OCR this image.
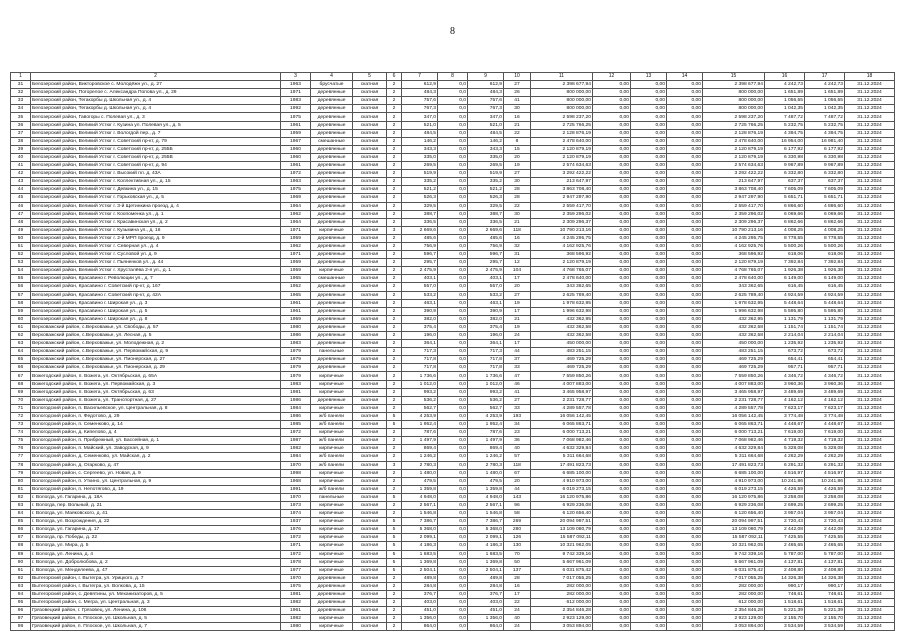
8
1	2	3	4	5	6	7	8	9	10	11	12	13	14	15	16	17	18
31	Белозерский район, Викторовское с. Молодёжн ул., д. 27	1963	брусчатые	скатная	2	612,9	0,0	612,9	27	2 398 677,94	0,00	0,00	0,00	2 398 677,94	4 242,73	4 242,73	31.12.2024
32	Белозерский район, Погорелое с. Александра Попова ул., д. 29	1971	деревянные	скатная	2	484,3	0,0	484,3	26	800 000,00	0,00	0,00	0,00	800 000,00	1 651,89	1 651,89	31.12.2024
33	Белозерский район, Тегакорбы д. Школьная ул., д. 4	1983	деревянные	скатная	2	757,6	0,0	757,6	41	800 000,00	0,00	0,00	0,00	800 000,00	1 056,55	1 056,55	31.12.2024
34	Белозерский район, Тегакорбы д. Школьная ул., д. 4	1992	деревянные	скатная	2	767,3	0,0	767,3	30	800 000,00	0,00	0,00	0,00	800 000,00	1 042,35	1 042,35	31.12.2024
35	Белозерский район, Гавогоры с. Полевая ул., д. 3	1975	деревянные	скатная	2	347,0	0,0	347,0	16	2 598 237,20	0,00	0,00	0,00	2 598 237,20	7 487,72	7 487,72	31.12.2024
36	Белозерский район, Великий Устюг г. Кузина ул. Полевая ул., д. 5	1961	деревянные	скатная	2	521,0	0,0	521,0	21	2 725 766,25	0,00	0,00	0,00	2 725 766,25	5 232,75	5 232,75	31.12.2024
37	Белозерский район, Великий Устюг г. Вологдой пер., д. 7	1959	деревянные	скатная	2	484,5	0,0	484,5	22	2 128 876,19	0,00	0,00	0,00	2 128 876,19	4 394,75	4 394,75	31.12.2024
38	Белозерский район, Великий Устюг г. Советский пр-кт, д. 79	1967	смешанные	скатная	2	146,2	0,0	146,2	8	2 478 640,00	0,00	0,00	0,00	2 478 640,00	16 954,00	16 981,40	31.12.2024
39	Белозерский район, Великий Устюг г. Советский пр-кт, д. 255Б	1960	деревянные	скатная	2	343,3	0,0	343,3	15	2 120 879,19	0,00	0,00	0,00	2 120 879,19	6 177,92	6 177,92	31.12.2024
40	Белозерский район, Великий Устюг г. Советский пр-кт, д. 255В	1960	деревянные	скатная	2	335,0	0,0	335,0	20	2 120 879,19	0,00	0,00	0,00	2 120 879,19	6 330,98	6 330,98	31.12.2024
41	Белозерский район, Великий Устюг г. Советский пр-кт, д. 94	1961	деревянные	скатная	2	269,5	0,0	269,5	19	2 574 634,63	0,00	0,00	0,00	2 574 634,63	9 967,89	9 967,89	31.12.2024
42	Белозерский район, Великий Устюг г. Высокий пл. д. 43А	1972	деревянные	скатная	2	519,9	0,0	519,9	27	3 292 422,22	0,00	0,00	0,00	3 292 422,22	6 332,80	6 332,80	31.12.2024
43	Белозерский район, Великий Устюг г. Коллективная ул., д. 15	1963	деревянные	скатная	2	335,2	0,0	335,2	30	213 647,97	0,00	0,00	0,00	213 647,97	637,37	637,37	31.12.2024
44	Белозерский район, Великий Устюг г. Девкина ул., д. 15	1975	деревянные	скатная	2	521,2	0,0	521,2	28	3 863 708,40	0,00	0,00	0,00	3 863 708,40	7 605,09	7 605,09	31.12.2024
45	Белозерский район, Великий Устюг г. Горьковская ул., д. 5	1969	деревянные	скатная	2	526,3	0,0	526,3	28	2 947 297,90	0,00	0,00	0,00	2 947 297,90	5 651,71	5 651,71	31.12.2024
46	Белозерский район, Великий Устюг г. 3-й Щетинкина проезд, д. 4	1964	деревянные	скатная	2	329,5	0,0	329,5	22	2 559 417,70	0,00	0,00	0,00	2 559 417,70	6 866,60	4 886,60	31.12.2024
47	Белозерский район, Великий Устюг г. Коопоменка ул., д. 1	1962	деревянные	скатная	2	388,7	0,0	388,7	30	2 359 296,02	0,00	0,00	0,00	2 359 296,02	6 069,66	6 069,66	31.12.2024
48	Белозерский район, Великий Устюг г. Красавинская ул., д. 2	1964	деревянные	скатная	2	336,5	0,0	336,5	21	2 309 296,37	0,00	0,00	0,00	2 309 296,37	6 862,66	6 862,66	31.12.2024
49	Белозерский район, Великий Устюг г. Кузьмина ул., д. 16	1971	кирпичные	скатная	3	2 669,6	0,0	2 669,6	118	10 790 213,16	0,00	0,00	0,00	10 790 213,16	4 008,25	4 008,25	31.12.2024
50	Белозерский район, Великий Устюг г. 2-й МРП проезд, д. 9	1959	деревянные	скатная	2	485,6	0,0	485,6	16	4 245 295,75	0,00	0,00	0,00	4 245 295,75	8 778,55	8 778,55	31.12.2024
51	Белозерский район, Великий Устюг г. Северная ул., д. 4	1962	деревянные	скатная	2	756,9	0,0	756,9	32	4 162 925,76	0,00	0,00	0,00	4 162 925,76	5 500,26	5 500,26	31.12.2024
52	Белозерский район, Великий Устюг г. Сусловой ул. д. 9	1971	деревянные	скатная	2	596,7	0,0	596,7	31	368 596,92	0,00	0,00	0,00	368 596,92	618,06	618,06	31.12.2024
53	Белозерский район, Великий Устюг г. Пьяненков ул., д. 44	1959	деревянные	скатная	2	295,7	0,0	295,7	12	2 120 879,19	0,00	0,00	0,00	2 120 879,19	7 392,84	7 392,84	31.12.2024
54	Белозерский район, Великий Устюг г. Хрусталёва 2-я ул., д. 1	1959	кирпичные	скатная	2	2 475,9	0,0	2 475,9	104	4 768 765,07	0,00	0,00	0,00	4 768 765,07	1 926,38	1 926,38	31.12.2024
55	Белозерский район, Красавино г. Революции ул., д. 7	1965	смешанные	скатная	2	403,1	0,0	403,1	17	2 478 640,00	0,00	0,00	0,00	2 478 640,00	6 149,00	6 149,00	31.12.2024
56	Белозерский район, Красавино г. Советский пр-кт, д. 167	1952	деревянные	скатная	2	557,0	0,0	557,0	20	343 362,65	0,00	0,00	0,00	343 362,65	616,45	616,45	31.12.2024
57	Белозерский район, Красавино г. Советский пр-кт, д. 42А	1965	деревянные	скатная	2	533,2	0,0	533,2	27	2 625 789,40	0,00	0,00	0,00	2 625 789,40	4 924,59	4 924,59	31.12.2024
58	Белозерский район, Красавино г. Широкая ул., д. 3	1961	деревянные	скатная	2	463,1	0,0	463,1	19	1 978 632,95	0,00	0,00	0,00	1 978 632,95	5 448,64	5 448,64	31.12.2024
59	Белозерский район, Красавино г. Широкая ул., д. 5	1961	деревянные	скатная	2	390,9	0,0	390,9	17	1 996 632,98	0,00	0,00	0,00	1 996 632,98	5 595,80	5 595,80	31.12.2024
60	Белозерский район, Красавино г. Широкая ул., д. 8	1959	деревянные	скатная	2	382,0	0,0	382,0	21	432 362,95	0,00	0,00	0,00	432 362,95	1 131,79	1 131,79	31.12.2024
61	Верховажский район, с.Верховажье, ул. Свободы, д. 57	1980	деревянные	скатная	2	375,4	0,0	375,4	19	432 362,58	0,00	0,00	0,00	432 362,58	1 151,74	1 151,74	31.12.2024
62	Верховажский район, с.Верховажье, ул. Лесная, д. 5	1986	деревянные	скатная	2	196,0	0,0	196,0	24	432 362,58	0,00	0,00	0,00	432 362,58	2 214,04	2 214,04	31.12.2024
63	Верховажский район, с.Верховажье, ул. Молодежная, д. 2	1983	деревянные	скатная	2	364,1	0,0	364,1	17	450 000,00	0,00	0,00	0,00	450 000,00	1 235,92	1 235,92	31.12.2024
64	Верховажский район, с.Верховажье, ул. Первомайская, д. 9	1979	панельные	скатная	2	717,3	0,0	717,3	44	483 251,15	0,00	0,00	0,00	483 251,15	673,72	673,72	31.12.2024
65	Верховажский район, с.Верховажье, ул. Пионерская, д. 27	1979	деревянные	скатная	2	717,8	0,0	717,8	37	469 725,29	0,00	0,00	0,00	469 725,29	654,41	654,41	31.12.2024
66	Верховажский район, с.Верховажье, ул. Пионерская, д. 29	1979	деревянные	скатная	2	717,8	0,0	717,8	33	469 725,29	0,00	0,00	0,00	469 725,29	957,71	957,71	31.12.2024
67	Вожегодский район, п. Вожега, ул. Октябрьская, д. 65А	1979	кирпичные	скатная	2	1 736,6	0,0	1 736,6	47	7 559 850,26	0,00	0,00	0,00	7 559 850,26	4 346,72	4 346,72	31.12.2024
68	Вожегодский район, п. Вожега, ул. Первомайская, д. 3	1983	кирпичные	скатная	2	1 012,0	0,0	1 012,0	46	4 007 883,00	0,00	0,00	0,00	4 007 883,00	3 960,36	3 960,36	31.12.2024
69	Вожегодский район, п. Вожега, ул. Октябрьская, д. 63	1981	кирпичные	скатная	2	993,2	0,0	993,2	41	3 465 958,97	0,00	0,00	0,00	3 465 958,97	3 489,69	3 489,69	31.12.2024
70	Вожегодский район, п. Вожега, ул. Транспортная, д. 27	1986	деревянные	скатная	2	536,2	0,0	536,2	27	2 231 728,77	0,00	0,00	0,00	2 231 728,77	4 162,12	4 162,12	31.12.2024
71	Вологодский район, п. Васильевское, ул. Центральная, д. 8	1984	кирпичные	скатная	2	562,7	0,0	562,7	33	4 289 557,78	0,00	0,00	0,00	4 289 557,78	7 623,17	7 623,17	31.12.2024
72	Вологодский район, п. Федотово, д. 29	1986	ж/б панели	скатная	5	4 253,9	0,0	4 253,9	193	16 056 142,45	0,00	0,00	0,00	16 056 142,45	3 774,48	3 774,48	31.12.2024
73	Вологодский район, п. Семенково, д. 14	1985	ж/б панели	скатная	5	1 952,4	0,0	1 952,4	34	6 065 863,71	0,00	0,00	0,00	6 065 863,71	4 448,67	4 448,67	31.12.2024
74	Вологодский район, д. Кипелово, д. 4	1972	кирпичные	скатная	2	787,6	0,0	787,6	23	6 000 713,21	0,00	0,00	0,00	6 000 713,21	7 619,00	7 619,00	31.12.2024
75	Вологодский район, п. Прибрежный, ул. Бассейная, д. 1	1987	ж/б панели	скатная	2	1 497,9	0,0	1 497,9	36	7 068 982,46	0,00	0,00	0,00	7 068 982,46	4 719,32	4 719,32	31.12.2024
76	Вологодский район, п. Майский, ул. Заводская, д. 9	1982	кирпичные	скатная	2	869,4	0,0	869,4	40	4 632 329,84	0,00	0,00	0,00	4 632 329,84	5 328,08	5 328,08	31.12.2024
77	Вологодский район, д. Семенково, ул. Майская, д. 2	1984	ж/б панели	скатная	2	1 246,2	0,0	1 246,2	57	5 311 664,68	0,00	0,00	0,00	5 311 664,68	4 262,29	4 262,29	31.12.2024
78	Вологодский район, д. Огарково, д. 47	1970	ж/б панели	скатная	3	2 780,3	0,0	2 780,3	118	17 491 823,73	0,00	0,00	0,00	17 491 823,73	6 291,32	6 291,32	31.12.2024
79	Вологодский район, с. Сергеево, ул. Новая, д. 9	1998	кирпичные	скатная	2	1 480,0	0,0	1 480,0	67	6 685 100,00	0,00	0,00	0,00	6 685 100,00	4 516,97	4 516,97	31.12.2024
80	Вологодский район, п. Уткино, ул. Центральная, д. 9	1968	кирпичные	скатная	2	479,5	0,0	479,5	20	4 910 973,00	0,00	0,00	0,00	4 910 973,00	10 241,86	10 241,86	31.12.2024
81	Вологодский район, п. Непотягово, д. 19	1991	ж/б панели	скатная	2	1 359,8	0,0	1 359,8	44	6 019 273,15	0,00	0,00	0,00	6 019 273,15	4 426,59	4 426,59	31.12.2024
82	г. Вологда, ул. Гагарина, д. 18А	1970	панельные	скатная	5	4 948,0	0,0	4 948,0	143	16 120 975,86	0,00	0,00	0,00	16 120 975,86	3 258,08	3 258,08	31.12.2024
83	г. Вологда, пер. Вольный, д. 21	1973	кирпичные	скатная	2	2 567,1	0,0	2 567,1	96	6 929 236,08	0,00	0,00	0,00	6 929 236,08	2 699,25	2 699,25	31.12.2024
84	г. Вологда, ул. Маяковского, д. 41	1974	кирпичные	скатная	2	1 546,8	0,0	1 546,8	58	6 120 656,40	0,00	0,00	0,00	6 120 656,40	3 957,04	3 957,04	31.12.2024
85	г. Вологда, ул. Возрождения, д. 22	1937	кирпичные	скатная	5	7 386,7	0,0	7 386,7	269	20 094 997,51	0,00	0,00	0,00	20 094 997,51	2 720,43	2 720,43	31.12.2024
86	г. Вологда, ул. Гагарина, д. 17	1976	кирпичные	скатная	5	5 368,0	0,0	5 368,0	280	13 109 080,79	0,00	0,00	0,00	13 109 080,79	2 442,08	2 442,08	31.12.2024
87	г. Вологда, пр. Победы, д. 22	1972	кирпичные	скатная	5	2 099,1	0,0	2 099,1	126	15 587 092,11	0,00	0,00	0,00	15 587 092,11	7 425,55	7 425,55	31.12.2024
88	г. Вологда, ул. Мира, д. 5	1971	кирпичные	скатная	5	4 186,3	0,0	4 186,3	130	10 321 962,05	0,00	0,00	0,00	10 321 962,05	2 465,65	2 465,65	31.12.2024
89	г. Вологда, ул. Ленина, д. 4	1972	кирпичные	скатная	5	1 683,5	0,0	1 683,5	70	9 742 339,16	0,00	0,00	0,00	9 742 339,16	5 787,00	5 787,00	31.12.2024
90	г. Вологда, ул. Добролюбова, д. 2	1978	кирпичные	скатная	5	1 369,8	0,0	1 369,8	50	5 667 961,09	0,00	0,00	0,00	5 667 961,09	4 137,81	4 137,81	31.12.2024
91	г. Вологда, ул. Менделеева, д. 47	1977	кирпичные	скатная	5	2 504,1	0,0	2 504,1	137	6 031 875,42	0,00	0,00	0,00	6 031 875,42	2 408,80	2 408,80	31.12.2024
92	Вытегорский район, г. Вытегра, ул. Урицкого, д. 7	1970	деревянные	скатная	2	489,8	0,0	489,8	28	7 017 055,25	0,00	0,00	0,00	7 017 055,25	14 326,38	14 326,38	31.12.2024
93	Вытегорский район, г. Вытегра, ул. Волкова, д. 15	1975	деревянные	скатная	2	284,8	0,0	284,8	16	282 000,00	0,00	0,00	0,00	282 000,00	990,17	990,17	31.12.2024
94	Вытегорский район, с. Девятины, ул. Механизаторов, д. 5	1981	деревянные	скатная	2	376,7	0,0	376,7	17	282 000,00	0,00	0,00	0,00	282 000,00	748,61	748,61	31.12.2024
95	Вытегорский район, с. Мегра, ул. Центральная, д. 3	1982	деревянные	скатная	2	403,0	0,0	403,0	22	612 000,00	0,00	0,00	0,00	612 000,00	1 518,61	1 518,61	31.12.2024
96	Грязовецкий район, г. Грязовец, ул. Ленина, д. 106	1961	деревянные	скатная	2	451,0	0,0	451,0	24	2 354 846,28	0,00	0,00	0,00	2 354 846,28	5 221,39	5 221,39	31.12.2024
97	Грязовецкий район, п. Плоское, ул. Школьная, д. 5	1982	кирпичные	скатная	2	1 356,0	0,0	1 356,0	40	2 923 129,00	0,00	0,00	0,00	2 923 129,00	2 155,70	2 155,70	31.12.2024
98	Грязовецкий район, п. Плоское, ул. Школьная, д. 7	1980	кирпичные	скатная	2	864,0	0,0	864,0	24	3 053 894,00	0,00	0,00	0,00	3 053 894,00	3 534,59	3 534,59	31.12.2024
